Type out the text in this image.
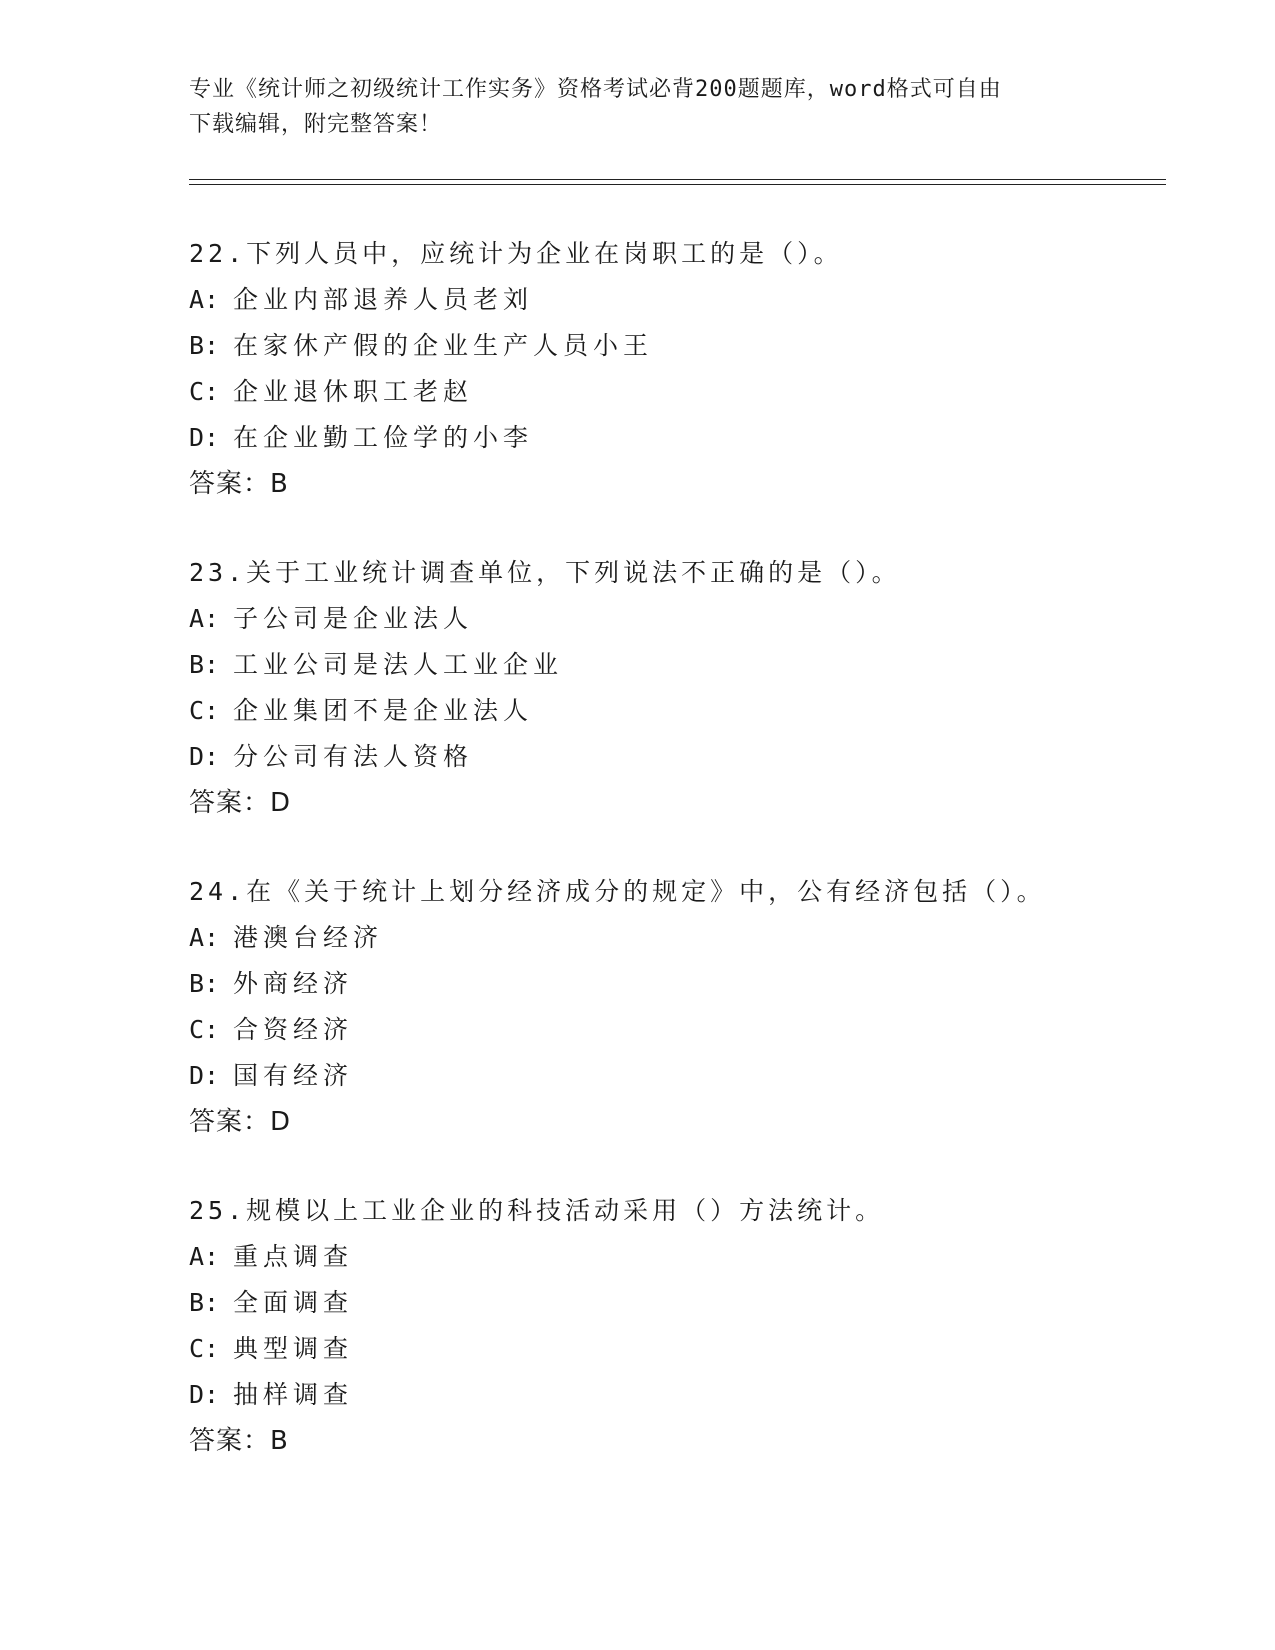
专业《统计师之初级统计工作实务》资格考试必背200题题库，word格式可自由
下载编辑，附完整答案！
22.下列人员中，应统计为企业在岗职工的是（）。
A: 企业内部退养人员老刘
B: 在家休产假的企业生产人员小王
C: 企业退休职工老赵
D: 在企业勤工俭学的小李
答案：B
23.关于工业统计调查单位，下列说法不正确的是（）。
A: 子公司是企业法人
B: 工业公司是法人工业企业
C: 企业集团不是企业法人
D: 分公司有法人资格
答案：D
24.在《关于统计上划分经济成分的规定》中，公有经济包括（）。
A: 港澳台经济
B: 外商经济
C: 合资经济
D: 国有经济
答案：D
25.规模以上工业企业的科技活动采用（）方法统计。
A: 重点调查
B: 全面调查
C: 典型调查
D: 抽样调查
答案：B
